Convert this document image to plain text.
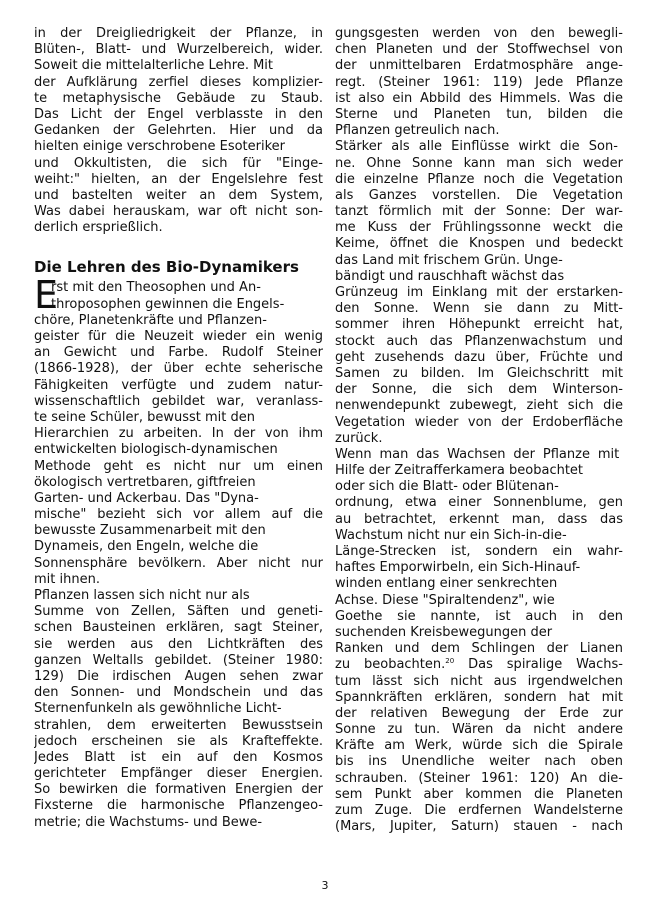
in der Dreigliedrigkeit der Pflanze, in

Blüten-, Blatt- und Wurzelbereich, wider.

Soweit die mittelalterliche Lehre. Mit

der Aufklärung zerfiel dieses komplizier-

te metaphysische Gebäude zu Staub.

Das Licht der Engel verblasste in den

Gedanken der Gelehrten. Hier und da

hielten einige verschrobene Esoteriker

und Okkultisten, die sich für "Einge-

weiht:" hielten, an der Engelslehre fest

und bastelten weiter an dem System,

Was dabei herauskam, war oft nicht son-

derlich ersprießlich.

Die Lehren des Bio-Dynamikers
E

rst mit den Theosophen und An-

throposophen gewinnen die Engels-

chöre, Planetenkräfte und Pflanzen-

geister für die Neuzeit wieder ein wenig

an Gewicht und Farbe. Rudolf Steiner

(1866-1928), der über echte seherische

Fähigkeiten verfügte und zudem natur-

wissenschaftlich gebildet war, veranlass-

te seine Schüler, bewusst mit den

Hierarchien zu arbeiten. In der von ihm

entwickelten biologisch-dynamischen

Methode geht es nicht nur um einen

ökologisch vertretbaren, giftfreien

Garten- und Ackerbau. Das "Dyna-

mische" bezieht sich vor allem auf die

bewusste Zusammenarbeit mit den

Dynameis, den Engeln, welche die

Sonnensphäre bevölkern. Aber nicht nur

mit ihnen.

Pflanzen lassen sich nicht nur als

Summe von Zellen, Säften und geneti-

schen Bausteinen erklären, sagt Steiner,

sie werden aus den Lichtkräften des

ganzen Weltalls gebildet. (Steiner 1980:

129) Die irdischen Augen sehen zwar

den Sonnen- und Mondschein und das

Sternenfunkeln als gewöhnliche Licht-

strahlen, dem erweiterten Bewusstsein

jedoch erscheinen sie als Krafteffekte.

Jedes Blatt ist ein auf den Kosmos

gerichteter Empfänger dieser Energien.

So bewirken die formativen Energien der

Fixsterne die harmonische Pflanzengeo-

metrie; die Wachstums- und Bewe-

gungsgesten werden von den bewegli-

chen Planeten und der Stoffwechsel von

der unmittelbaren Erdatmosphäre ange-

regt. (Steiner 1961: 119) Jede Pflanze

ist also ein Abbild des Himmels. Was die

Sterne und Planeten tun, bilden die

Pflanzen getreulich nach.

Stärker als alle Einflüsse wirkt die Son-

ne. Ohne Sonne kann man sich weder

die einzelne Pflanze noch die Vegetation

als Ganzes vorstellen. Die Vegetation

tanzt förmlich mit der Sonne: Der war-

me Kuss der Frühlingssonne weckt die

Keime, öffnet die Knospen und bedeckt

das Land mit frischem Grün. Unge-

bändigt und rauschhaft wächst das

Grünzeug im Einklang mit der erstarken-

den Sonne. Wenn sie dann zu Mitt-

sommer ihren Höhepunkt erreicht hat,

stockt auch das Pflanzenwachstum und

geht zusehends dazu über, Früchte und

Samen zu bilden. Im Gleichschritt mit

der Sonne, die sich dem Winterson-

nenwendepunkt zubewegt, zieht sich die

Vegetation wieder von der Erdoberfläche

zurück.

Wenn man das Wachsen der Pflanze mit

Hilfe der Zeitrafferkamera beobachtet

oder sich die Blatt- oder Blütenan-

ordnung, etwa einer Sonnenblume, gen

au betrachtet, erkennt man, dass das

Wachstum nicht nur ein Sich-in-die-

Länge-Strecken ist, sondern ein wahr-

haftes Emporwirbeln, ein Sich-Hinauf-

winden entlang einer senkrechten

Achse. Diese "Spiraltendenz", wie

Goethe sie nannte, ist auch in den

suchenden Kreisbewegungen der

Ranken und dem Schlingen der Lianen

zu beobachten.$^{20}$ Das spiralige Wachs-

tum lässt sich nicht aus irgendwelchen

Spannkräften erklären, sondern hat mit

der relativen Bewegung der Erde zur

Sonne zu tun. Wären da nicht andere

Kräfte am Werk, würde sich die Spirale

bis ins Unendliche weiter nach oben

schrauben. (Steiner 1961: 120) An die-

sem Punkt aber kommen die Planeten

zum Zuge. Die erdfernen Wandelsterne

(Mars, Jupiter, Saturn) stauen - nach

3
